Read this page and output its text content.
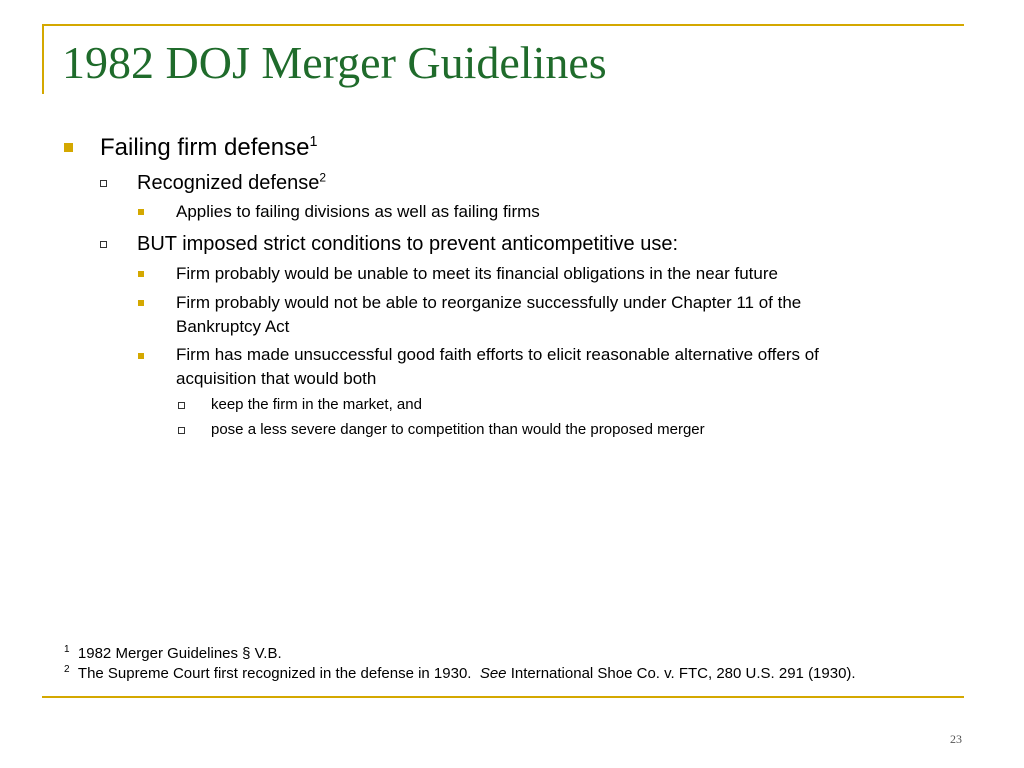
1982 DOJ Merger Guidelines
Failing firm defense$^1$
Recognized defense$^2$
Applies to failing divisions as well as failing firms
BUT imposed strict conditions to prevent anticompetitive use:
Firm probably would be unable to meet its financial obligations in the near future
Firm probably would not be able to reorganize successfully under Chapter 11 of the
Bankruptcy Act
Firm has made unsuccessful good faith efforts to elicit reasonable alternative offers of
acquisition that would both
keep the firm in the market, and
pose a less severe danger to competition than would the proposed merger
$^1$ 1982 Merger Guidelines § V.B.
$^2$ The Supreme Court first recognized in the defense in 1930. See International Shoe Co. v. FTC, 280 U.S. 291 (1930).
23
